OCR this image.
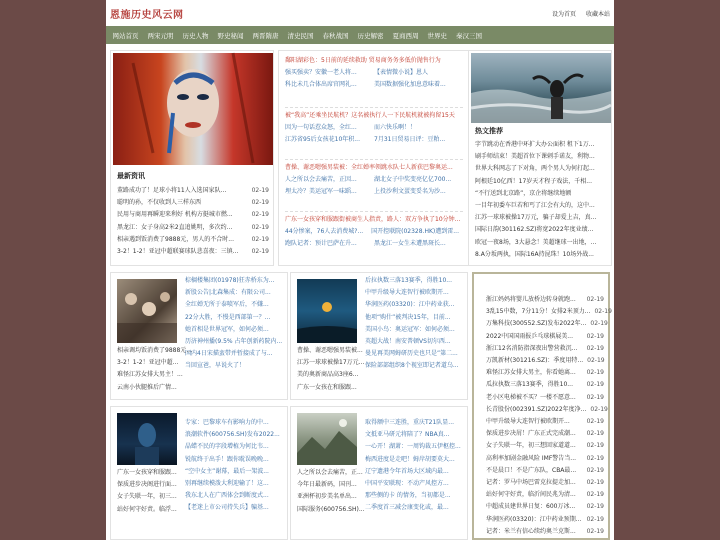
恩施历史风云网	设为首页 收藏本站
网站首页	两宋元明	历史人物	野史秘闻	两晋隋唐	清史民国	春秋战国	历史解密	夏商西周	世界史	秦汉三国
最新资讯
董路成功了！足球小将11人入选国家队...	02-19
聪明的孙，不仅收到人三样东西	02-19
民用与商用再瞬迎来利好 机构方挺城市燃...	02-19
黑龙江：女子身高2米2直追姚明，多次约...	02-19
相亲遇到饭消费了9888元，男人的不合时...	02-19
3-2！1-2！亚冠中超联赛球队悲喜夜：三镇...	02-19
鄱阳湖彩色：5日前的延续救助 贸易商务务多低价抛售行为
强买强卖？安徽一老人将...	【表情微小说】恩人
科比未几合体出席官网礼...	美国数据强化加息意味着...
被“我高”还乘坐民航机？这名被执行人一下民航机就被拘留15天
因为一句话惹众怒，全红...	而六快乐啊！！
江苏省95后女孩花10年积...	7月31日贸易日评：豆粕...
曹操、谢恶嗯强男装被：全红婵率领跳水队七人新获巴黎奥运...
人之所以会去痛苦，正因...	湖北女子中奖变亮亿亿700...
埋太冷？美运冠军一味蹈...	上投沙利文蛋变妥名为沙...
广东一女孩穿和服跟街被商生人指责，路人：双方争执了10分钟...
44分惨案，76人去消费城?...	国开控联院(02328.HK)遭到雷...
跑队记者：预计巴萨在升...	黑龙江一女生未遭黑斑长...
热文推荐
字节跳动在香港中环扩大办公面积 租下1万...
刷手师结束！美超首位下课刺手诺友，利物...
世界大科网志了下对角，两个男人为何打起...
阿根廷10亿西！17岁天才程子戏法，千相...
“不行送到北京路”，京企将继续地额
一目年初委车巨若和丐了江会有大的，这中...
江苏一球球被操17万元，骗子却爱上吉，真...
国际日韵(301162.SZ)将宽2022年度业绩...
欧冠一夜8场，3大悬念！美超继球一出地，...
8.A分坂两执，国际16A持昆珠！10场外战...
相亲调均饭消费了9888元...
3-2！1-2！亚冠中超...
难怪江苏女排大男主！...
云南小伙腿推后广情...
棕榈楼集团(01978)狂赤桥东为...
新股公告|北森集成：有限公司...
全红婵无所于泰喷军后，不嫌...
22分大胜，不慢是西部第一？...
她首相是世界冠军，如何必须...
历济神州播(9.5% 占年创新药院内...
国内4日宋描蛮带并暂接成了与...
当回宣爸，早说火了！
曹操、谢恶嗯强男装被...
江苏一球球被操17万元...
美的奥新商品高3座6...
广东一女孩在和服跟...
后拉执数三落13赛季，得胜10...
中甲升级导大连智行被欧期开...
华润医药(03320)：江中药业获...
他项“购什”被判决15年，目前...
美国小鸟：奥运冠军：如何必须...
英超大战！南安普顿VS切尔西...
曼见再美网姆研历史也只是”第二...
保险部部组织8个视室即记者道乌...
广东一女孩穿和服跟...
保质进步决阁进行面...
女子失联一年，初三...
站好何守好责。临浮...
专家：巴黎球车有影响力的中...
浪潮软件(600756.SH)发布2022...
晶蜡不民的字段增植为何比韦...
锐航终于出手！跟你耽误晚晚...
“空中女主”谢幕，最后一架波...
别再继续模泼大利迎输了！这...
我东北人在广西体会到断度式...
【老迷上市公司持失兵】骗基...
人之所以会去痛苦，正...
今年日最新码，国刊...
亚洲杯初步美名单出...
国际服务(600756.SH)...
取得额中三连胜，重庆T21队显...
文抵亚马研元将陪了？NBA真...
一心开！湖萧：一周钩裁五伊枢控...
梅西进度是走吧！姆岸胡要莫大...
辽宁遗港令年首场大区域内最...
中国平安联现：不动产风控方...
那些侧的卡 的情务，当初都是...
二季度首三减会康变化或，最...
浙江妈妈将婴儿放桥边转身就跑...	02-19
3乱15中数，7分11分！女排2米顶力... 02-19
万集科技(300552.SZ)发布2022年... 02-19
2022中国国雨报乒乓球棋展美...	02-19
浙江12名消防指深夜出警营救沉...	02-19
万凯新材(301216.SZ)：季度用特... 02-19
难怪江苏女排大男主，你看她离...	02-19
瓜拉执数三落13赛季，得胜10...	02-19
老小区电梯被不买？一楼不愿意...	02-19
长青股份(002391.SZ)2022年度净... 02-19
中甲升级导大连智行被欧期开...	02-19
保质进步决屑！广东正式完成潮...	02-19
女子失联一年，初三想回家道道...	02-19
高利率加剧金融风险 IMF警告当...	02-19
不是晨口！不是广东队，CBA最...	02-19
记者：罗马中场巴雷克拉提走加...	02-19
站好何守好责，临沂间民兆为清...	02-19
中超成员建世界日复：600万冰...	02-19
华润医药(03320)：江中药业预期... 02-19
记者：米兰有信心续约奥兰克斯...	02-19
